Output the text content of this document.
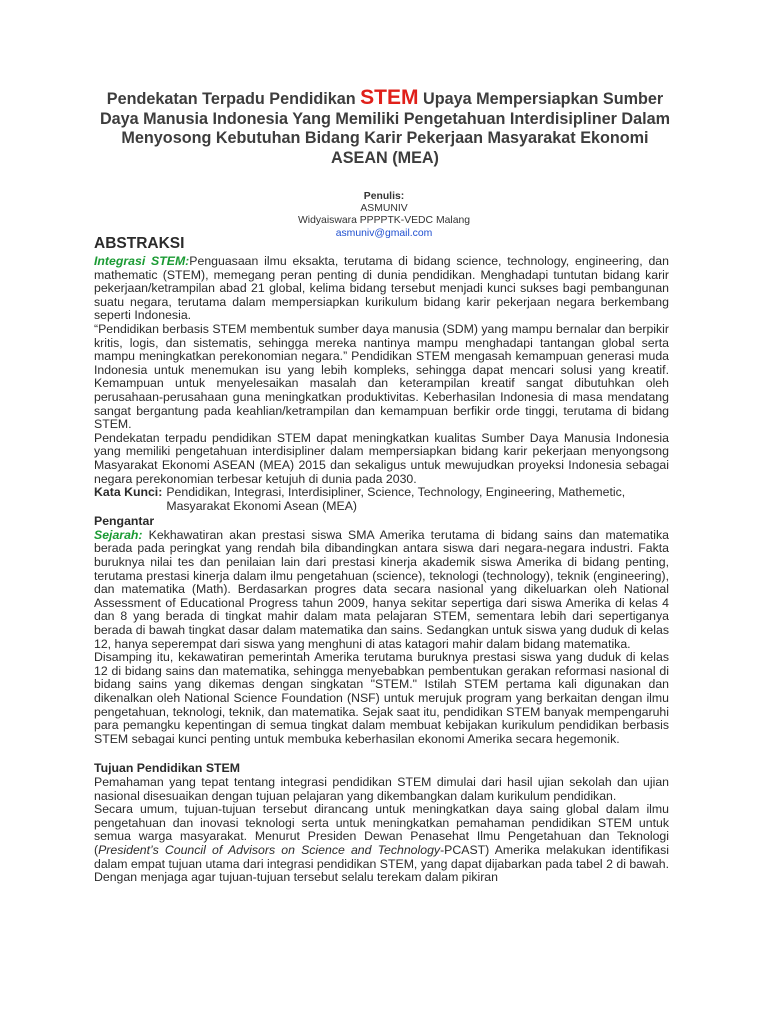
Pendekatan Terpadu Pendidikan STEM Upaya Mempersiapkan Sumber Daya Manusia Indonesia Yang Memiliki Pengetahuan Interdisipliner Dalam Menyosong Kebutuhan Bidang Karir Pekerjaan Masyarakat Ekonomi ASEAN (MEA)
Penulis:
ASMUNIV
Widyaiswara PPPPTK-VEDC Malang
asmuniv@gmail.com
ABSTRAKSI

Integrasi STEM:Penguasaan ilmu eksakta, terutama di bidang science, technology, engineering, dan mathematic (STEM), memegang peran penting di dunia pendidikan. Menghadapi tuntutan bidang karir pekerjaan/ketrampilan abad 21 global, kelima bidang tersebut menjadi kunci sukses bagi pembangunan suatu negara, terutama dalam mempersiapkan kurikulum bidang karir pekerjaan negara berkembang seperti Indonesia.

“Pendidikan berbasis STEM membentuk sumber daya manusia (SDM) yang mampu bernalar dan berpikir kritis, logis, dan sistematis, sehingga mereka nantinya mampu menghadapi tantangan global serta mampu meningkatkan perekonomian negara.” Pendidikan STEM mengasah kemampuan generasi muda Indonesia untuk menemukan isu yang lebih kompleks, sehingga dapat mencari solusi yang kreatif. Kemampuan untuk menyelesaikan masalah dan keterampilan kreatif sangat dibutuhkan oleh perusahaan-perusahaan guna meningkatkan produktivitas. Keberhasilan Indonesia di masa mendatang sangat bergantung pada keahlian/ketrampilan dan kemampuan berfikir orde tinggi, terutama di bidang STEM.

Pendekatan terpadu pendidikan STEM dapat meningkatkan kualitas Sumber Daya Manusia Indonesia yang memiliki pengetahuan interdisipliner dalam mempersiapkan bidang karir pekerjaan menyongsong Masyarakat Ekonomi ASEAN (MEA) 2015 dan sekaligus untuk mewujudkan proyeksi Indonesia sebagai negara perekonomian terbesar ketujuh di dunia pada 2030.

Kata Kunci: Pendidikan, Integrasi, Interdisipliner, Science, Technology, Engineering, Mathemetic, Masyarakat Ekonomi Asean (MEA)
Pengantar

Sejarah: Kekhawatiran akan prestasi siswa SMA Amerika terutama di bidang sains dan matematika berada pada peringkat yang rendah bila dibandingkan antara siswa dari negara-negara industri. Fakta buruknya nilai tes dan penilaian lain dari prestasi kinerja akademik siswa Amerika di bidang penting, terutama prestasi kinerja dalam ilmu pengetahuan (science), teknologi (technology), teknik (engineering), dan matematika (Math). Berdasarkan progres data secara nasional yang dikeluarkan oleh National Assessment of Educational Progress tahun 2009, hanya sekitar sepertiga dari siswa Amerika di kelas 4 dan 8 yang berada di tingkat mahir dalam mata pelajaran STEM, sementara lebih dari sepertiganya berada di bawah tingkat dasar dalam matematika dan sains. Sedangkan untuk siswa yang duduk di kelas 12, hanya seperempat dari siswa yang menghuni di atas katagori mahir dalam bidang matematika.

Disamping itu, kekawatiran pemerintah Amerika terutama buruknya prestasi siswa yang duduk di kelas 12 di bidang sains dan matematika, sehingga menyebabkan pembentukan gerakan reformasi nasional di bidang sains yang dikemas dengan singkatan "STEM." Istilah STEM pertama kali digunakan dan dikenalkan oleh National Science Foundation (NSF) untuk merujuk program yang berkaitan dengan ilmu pengetahuan, teknologi, teknik, dan matematika. Sejak saat itu, pendidikan STEM banyak mempengaruhi para pemangku kepentingan di semua tingkat dalam membuat kebijakan kurikulum pendidikan berbasis STEM sebagai kunci penting untuk membuka keberhasilan ekonomi Amerika secara hegemonik.

Tujuan Pendidikan STEM

Pemahaman yang tepat tentang integrasi pendidikan STEM dimulai dari hasil ujian sekolah dan ujian nasional disesuaikan dengan tujuan pelajaran yang dikembangkan dalam kurikulum pendidikan.

Secara umum, tujuan-tujuan tersebut dirancang untuk meningkatkan daya saing global dalam ilmu pengetahuan dan inovasi teknologi serta untuk meningkatkan pemahaman pendidikan STEM untuk semua warga masyarakat. Menurut Presiden Dewan Penasehat Ilmu Pengetahuan dan Teknologi (President’s Council of Advisors on Science and Technology-PCAST) Amerika melakukan identifikasi dalam empat tujuan utama dari integrasi pendidikan STEM, yang dapat dijabarkan pada tabel 2 di bawah. Dengan menjaga agar tujuan-tujuan tersebut selalu terekam dalam pikiran
